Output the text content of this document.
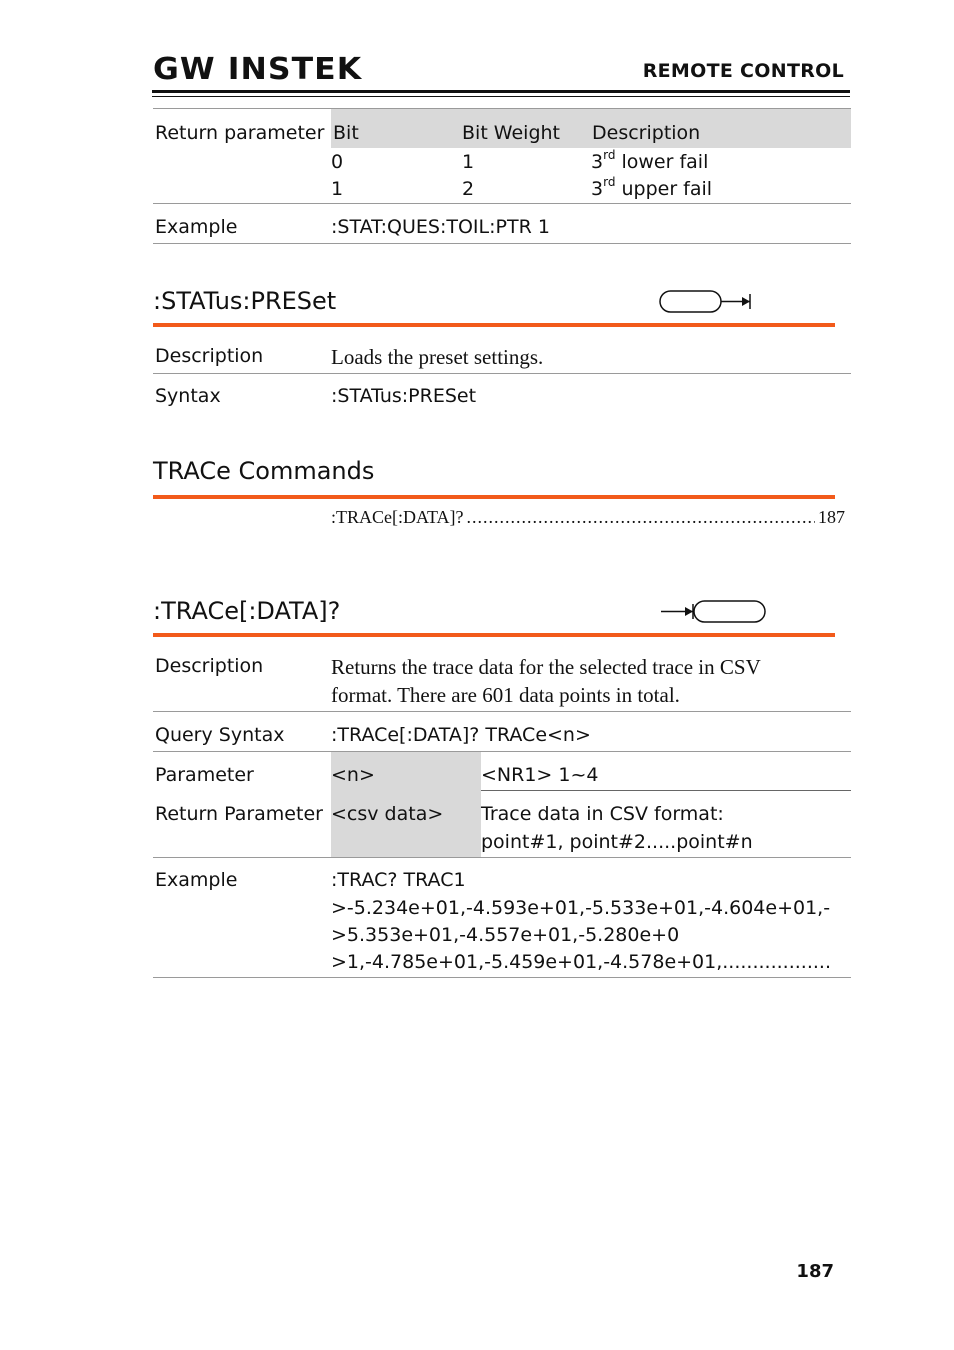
GW INSTEK	REMOTE CONTROL
Return parameter Bit	Bit Weight Description
0	1	3rd lower fail
1	2	3rd upper fail
Example	:STAT:QUES:TOIL:PTR 1
:STATus:PRESet
Description	Loads the preset settings.
Syntax	:STATus:PRESet
TRACe Commands
:TRACe[:DATA]?
.....	187
:TRACe[:DATA]?
Description	Returns the trace data for the selected trace in CSV
format. There are 601 data points in total.
Query Syntax :TRACe[:DATA]? TRACe<n>
Parameter	<n>	<NR1> 1~4
Return Parameter <csv data> Trace data in CSV format:
point#1, point#2.....point#n
Example	:TRAC? TRAC1
>-5.234e+01,-4.593e+01,-5.533e+01,-4.604e+01,-
>5.353e+01,-4.557e+01,-5.280e+0
>1,-4.785e+01,-5.459e+01,-4.578e+01,..................
187
